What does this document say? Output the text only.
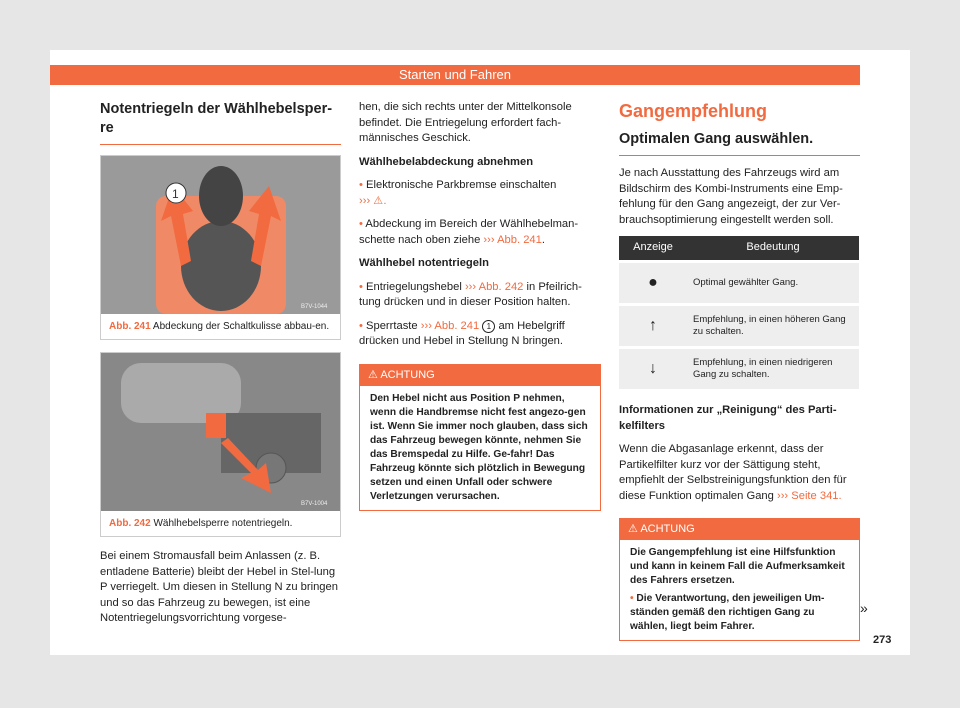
Starten und Fahren
Notentriegeln der Wählhebelsper-re
1
B7V-1044
Abb. 241 Abdeckung der Schaltkulisse abbau-en.
B7V-1004
Abb. 242 Wählhebelsperre notentriegeln.

Bei einem Stromausfall beim Anlassen (z. B. entladene Batterie) bleibt der Hebel in Stel-lung P verriegelt. Um diesen in Stellung N zu bringen und so das Fahrzeug zu bewegen, ist eine Notentriegelungsvorrichtung vorgese-

hen, die sich rechts unter der Mittelkonsole befindet. Die Entriegelung erfordert fach-männisches Geschick.

Wählhebelabdeckung abnehmen

• Elektronische Parkbremse einschalten
››› ⚠.

• Abdeckung im Bereich der Wählhebelman-schette nach oben ziehe ››› Abb. 241.

Wählhebel notentriegeln

• Entriegelungshebel ››› Abb. 242 in Pfeilrich-tung drücken und in dieser Position halten.

• Sperrtaste ››› Abb. 241 1 am Hebelgriff drücken und Hebel in Stellung N bringen.

⚠ ACHTUNG
Den Hebel nicht aus Position P nehmen, wenn die Handbremse nicht fest angezo-gen ist. Wenn Sie immer noch glauben, dass sich das Fahrzeug bewegen könnte, nehmen Sie das Bremspedal zu Hilfe. Ge-fahr! Das Fahrzeug könnte sich plötzlich in Bewegung setzen und einen Unfall oder schwere Verletzungen verursachen.
Gangempfehlung
Optimalen Gang auswählen.

Je nach Ausstattung des Fahrzeugs wird am Bildschirm des Kombi-Instruments eine Emp-fehlung für den Gang angezeigt, der zur Ver-brauchsoptimierung eingestellt werden soll.

Anzeige	Bedeutung
●	Optimal gewählter Gang.
↑	Empfehlung, in einen höheren Gang zu schalten.
↓	Empfehlung, in einen niedrigeren Gang zu schalten.

Informationen zur „Reinigung“ des Parti-kelfilters

Wenn die Abgasanlage erkennt, dass der Partikelfilter kurz vor der Sättigung steht, empfiehlt der Selbstreinigungsfunktion den für diese Funktion optimalen Gang ››› Seite 341.

⚠ ACHTUNG
Die Gangempfehlung ist eine Hilfsfunktion und kann in keinem Fall die Aufmerksamkeit des Fahrers ersetzen.
• Die Verantwortung, den jeweiligen Um-ständen gemäß den richtigen Gang zu wählen, liegt beim Fahrer.
»
273
